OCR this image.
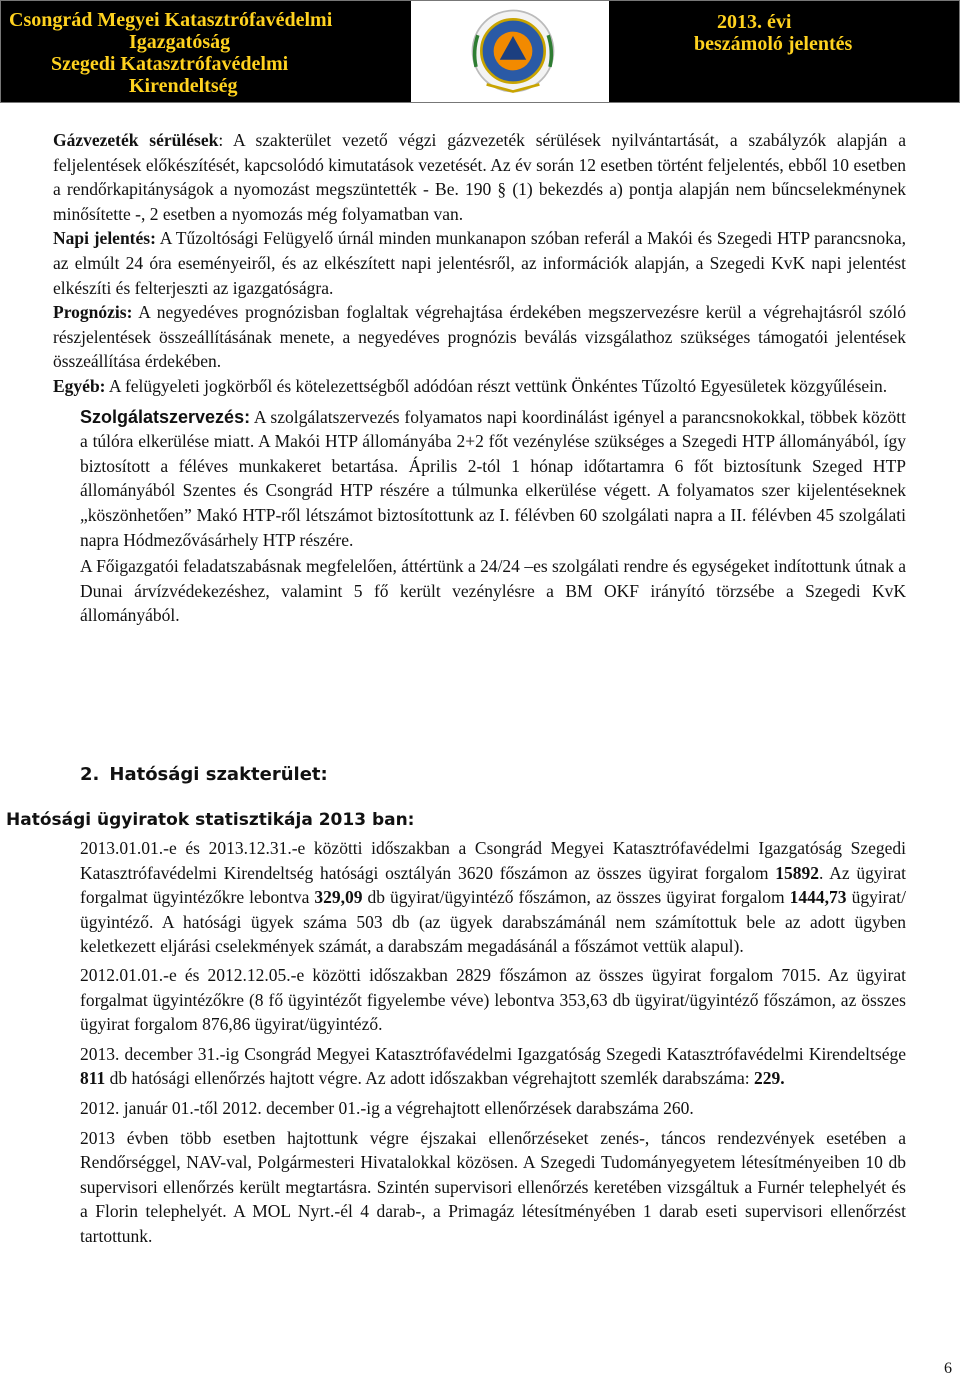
Csongrád Megyei Katasztrófavédelmi
Igazgatóság
Szegedi Katasztrófavédelmi
Kirendeltség
2013. évi
beszámoló jelentés

Gázvezeték sérülések: A szakterület vezető végzi gázvezeték sérülések nyilvántartását, a szabályzók alapján a feljelentések előkészítését, kapcsolódó kimutatások vezetését. Az év során 12 esetben történt feljelentés, ebből 10 esetben a rendőrkapitányságok a nyomozást megszüntették - Be. 190 § (1) bekezdés a) pontja alapján nem bűncselekménynek minősítette -, 2 esetben a nyomozás még folyamatban van.

Napi jelentés: A Tűzoltósági Felügyelő úrnál minden munkanapon szóban referál a Makói és Szegedi HTP parancsnoka, az elmúlt 24 óra eseményeiről, és az elkészített napi jelentésről, az információk alapján, a Szegedi KvK napi jelentést elkészíti és felterjeszti az igazgatóságra.

Prognózis: A negyedéves prognózisban foglaltak végrehajtása érdekében megszervezésre kerül a végrehajtásról szóló részjelentések összeállításának menete, a negyedéves prognózis beválás vizsgálathoz szükséges támogatói jelentések összeállítása érdekében.

Egyéb: A felügyeleti jogkörből és kötelezettségből adódóan részt vettünk Önkéntes Tűzoltó Egyesületek közgyűlésein.

Szolgálatszervezés: A szolgálatszervezés folyamatos napi koordinálást igényel a parancsnokokkal, többek között a túlóra elkerülése miatt. A Makói HTP állományába 2+2 főt vezénylése szükséges a Szegedi HTP állományából, így biztosított a féléves munkakeret betartása. Április 2-tól 1 hónap időtartamra 6 főt biztosítunk Szeged HTP állományából Szentes és Csongrád HTP részére a túlmunka elkerülése végett. A folyamatos szer kijelentéseknek „köszönhetően” Makó HTP-ről létszámot biztosítottunk az I. félévben 60 szolgálati napra a II. félévben 45 szolgálati napra Hódmezővásárhely HTP részére.

A Főigazgatói feladatszabásnak megfelelően, áttértünk a 24/24 –es szolgálati rendre és egységeket indítottunk útnak a Dunai árvízvédekezéshez, valamint 5 fő került vezénylésre a BM OKF irányító törzsébe a Szegedi KvK állományából.

2. Hatósági szakterület:
Hatósági ügyiratok statisztikája 2013 ban:

2013.01.01.-e és 2013.12.31.-e közötti időszakban a Csongrád Megyei Katasztrófavédelmi Igazgatóság Szegedi Katasztrófavédelmi Kirendeltség hatósági osztályán 3620 főszámon az összes ügyirat forgalom 15892. Az ügyirat forgalmat ügyintézőkre lebontva 329,09 db ügyirat/ügyintéző főszámon, az összes ügyirat forgalom 1444,73 ügyirat/ügyintéző. A hatósági ügyek száma 503 db (az ügyek darabszámánál nem számítottuk bele az adott ügyben keletkezett eljárási cselekmények számát, a darabszám megadásánál a főszámot vettük alapul).

2012.01.01.-e és 2012.12.05.-e közötti időszakban 2829 főszámon az összes ügyirat forgalom 7015. Az ügyirat forgalmat ügyintézőkre (8 fő ügyintézőt figyelembe véve) lebontva 353,63 db ügyirat/ügyintéző főszámon, az összes ügyirat forgalom 876,86 ügyirat/ügyintéző.

2013. december 31.-ig Csongrád Megyei Katasztrófavédelmi Igazgatóság Szegedi Katasztrófavédelmi Kirendeltsége 811 db hatósági ellenőrzés hajtott végre. Az adott időszakban végrehajtott szemlék darabszáma: 229.

2012. január 01.-től 2012. december 01.-ig a végrehajtott ellenőrzések darabszáma 260.

2013 évben több esetben hajtottunk végre éjszakai ellenőrzéseket zenés-, táncos rendezvények esetében a Rendőrséggel, NAV-val, Polgármesteri Hivatalokkal közösen. A Szegedi Tudományegyetem létesítményeiben 10 db supervisori ellenőrzés került megtartásra. Szintén supervisori ellenőrzés keretében vizsgáltuk a Furnér telephelyét és a Florin telephelyét. A MOL Nyrt.-él 4 darab-, a Primagáz létesítményében 1 darab eseti supervisori ellenőrzést tartottunk.

6
